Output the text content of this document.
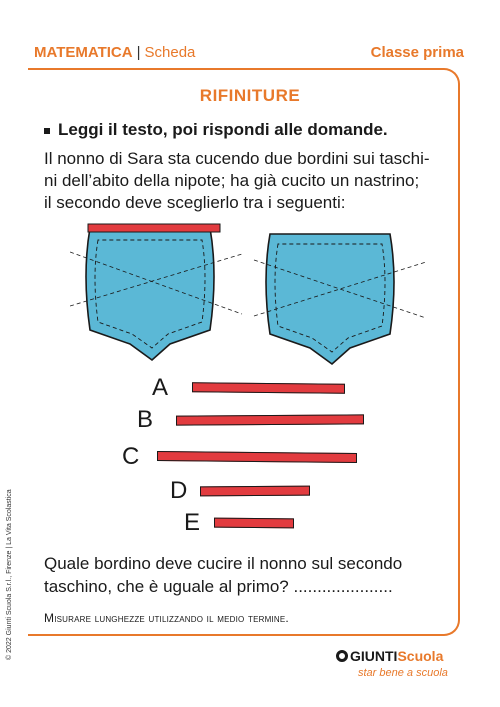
MATEMATICA | Scheda	Classe prima
RIFINITURE
Leggi il testo, poi rispondi alle domande.
Il nonno di Sara sta cucendo due bordini sui taschi-
ni dell’abito della nipote; ha già cucito un nastrino;
il secondo deve sceglierlo tra i seguenti:
A
B
C
D
E
Quale bordino deve cucire il nonno sul secondo
taschino, che è uguale al primo? .....................
Misurare lunghezze utilizzando il medio termine.
© 2022 Giunti Scuola S.r.l., Firenze | La Vita Scolastica	GIUNTIScuola
star bene a scuola
